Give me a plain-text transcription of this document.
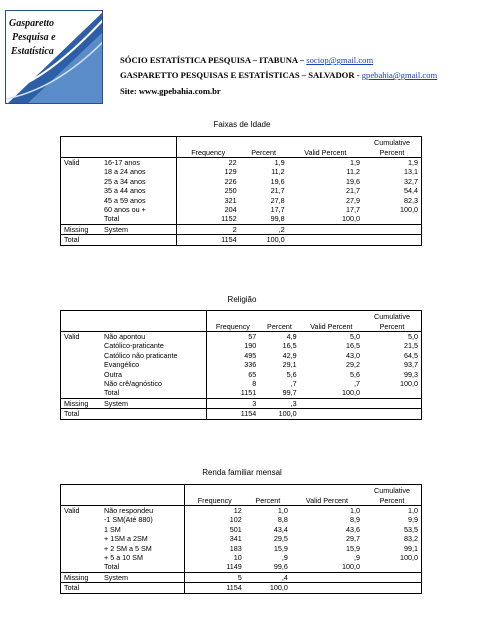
Gasparetto
Pesquisa e
Estatística
SÓCIO ESTATÍSTICA PESQUISA – ITABUNA – sociop@gmail.com
GASPARETTO PESQUISAS E ESTATÍSTICAS – SALVADOR - gpebahia@gmail.com
Site: www.gpebahia.com.br
Faixas de Idade
		Frequency	Percent	Valid Percent	Cumulative Percent
Valid	16-17 anos	22	1,9	1,9	1,9
	18 a 24 anos	129	11,2	11,2	13,1
	25 a 34 anos	226	19,6	19,6	32,7
	35 a 44 anos	250	21,7	21,7	54,4
	45 a 59 anos	321	27,8	27,9	82,3
	60 anos ou +	204	17,7	17,7	100,0
	Total	1152	99,8	100,0	
Missing	System	2	,2		
Total		1154	100,0		
Religião
		Frequency	Percent	Valid Percent	Cumulative Percent
Valid	Não apontou	57	4,9	5,0	5,0
	Católico-praticante	190	16,5	16,5	21,5
	Católico não praticante	495	42,9	43,0	64,5
	Evangélico	336	29,1	29,2	93,7
	Outra	65	5,6	5,6	99,3
	Não crê/agnóstico	8	,7	,7	100,0
	Total	1151	99,7	100,0	
Missing	System	3	,3		
Total		1154	100,0		
Renda familiar mensal
		Frequency	Percent	Valid Percent	Cumulative Percent
Valid	Não respondeu	12	1,0	1,0	1,0
	-1 SM(Até 880)	102	8,8	8,9	9,9
	1 SM	501	43,4	43,6	53,5
	+ 1SM a 2SM	341	29,5	29,7	83,2
	+ 2 SM a 5 SM	183	15,9	15,9	99,1
	+ 5 a 10 SM	10	,9	,9	100,0
	Total	1149	99,6	100,0	
Missing	System	5	,4		
Total		1154	100,0		
